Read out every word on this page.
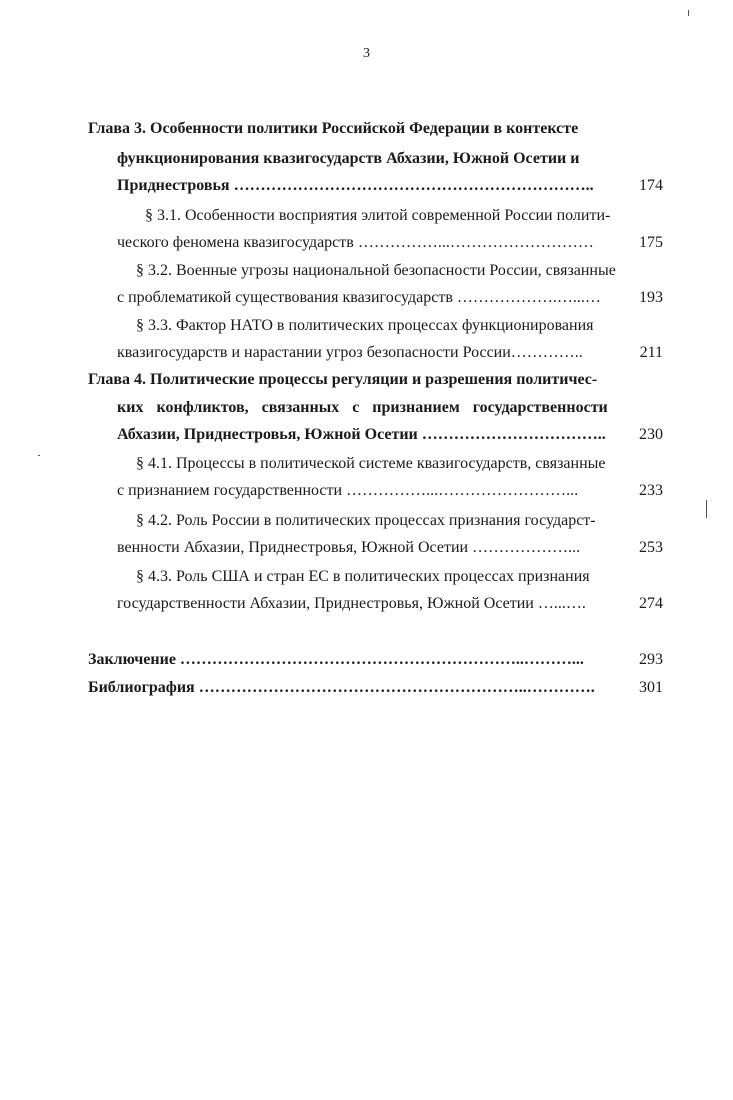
3
Глава 3. Особенности политики Российской Федерации в контексте
функционирования квазигосударств Абхазии, Южной Осетии и
Приднестровья …………………………………………………………..	174
§ 3.1. Особенности восприятия элитой современной России полити-
ческого феномена квазигосударств ……………...………………………	175
§ 3.2. Военные угрозы национальной безопасности России, связанные
с проблематикой существования квазигосударств ……………….…...… 193
§ 3.3. Фактор НАТО в политических процессах функционирования
квазигосударств и нарастании угроз безопасности России…………..	211
Глава 4. Политические процессы регуляции и разрешения политичес-
ких конфликтов, связанных с признанием государственности
Абхазии, Приднестровья, Южной Осетии …………………………….. 230
§ 4.1. Процессы в политической системе квазигосударств, связанные
с признанием государственности ……………...……………………...	233
§ 4.2. Роль России в политических процессах признания государст-
венности Абхазии, Приднестровья, Южной Осетии ………………...	253
§ 4.3. Роль США и стран ЕС в политических процессах признания
государственности Абхазии, Приднестровья, Южной Осетии …...….	274
Заключение ………………………………………………………..………...	293
Библиография ……………………………………………………..………….	301
